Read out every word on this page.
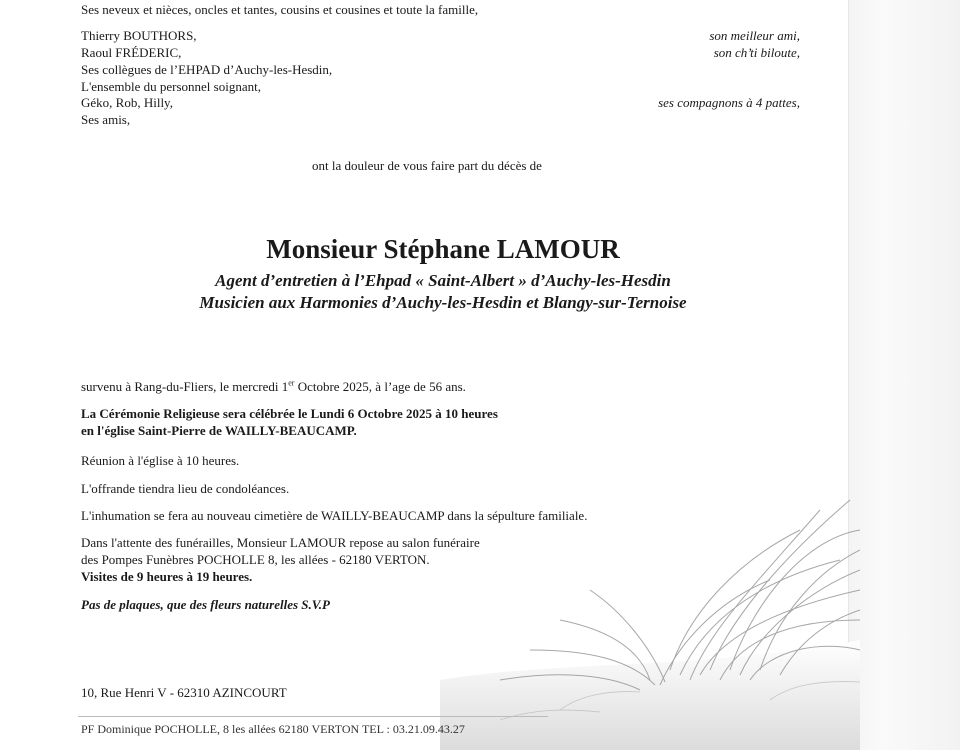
Ses neveux et nièces, oncles et tantes, cousins et cousines et toute la famille,
Thierry BOUTHORS,
Raoul FRÉDERIC,
Ses collègues de l’EHPAD d’Auchy-les-Hesdin,
L'ensemble du personnel soignant,
Géko, Rob, Hilly,
Ses amis,
son meilleur ami,
son ch’ti biloute,
ses compagnons à 4 pattes,
ont la douleur de vous faire part du décès de
Monsieur Stéphane LAMOUR
Agent d’entretien à l’Ehpad « Saint-Albert » d’Auchy-les-Hesdin
Musicien aux Harmonies d’Auchy-les-Hesdin et Blangy-sur-Ternoise
survenu à Rang-du-Fliers, le mercredi 1er Octobre 2025, à l’age de 56 ans.
La Cérémonie Religieuse sera célébrée le Lundi 6 Octobre 2025 à 10 heures
en l'église Saint-Pierre de WAILLY-BEAUCAMP.
Réunion à l'église à 10 heures.
L'offrande tiendra lieu de condoléances.
L'inhumation se fera au nouveau cimetière de WAILLY-BEAUCAMP dans la sépulture familiale.
Dans l'attente des funérailles, Monsieur LAMOUR repose au salon funéraire
des Pompes Funèbres POCHOLLE 8, les allées - 62180 VERTON.
Visites de 9 heures à 19 heures.
Pas de plaques, que des fleurs naturelles S.V.P
10, Rue Henri V - 62310 AZINCOURT
PF Dominique POCHOLLE, 8 les allées 62180 VERTON TEL : 03.21.09.43.27
